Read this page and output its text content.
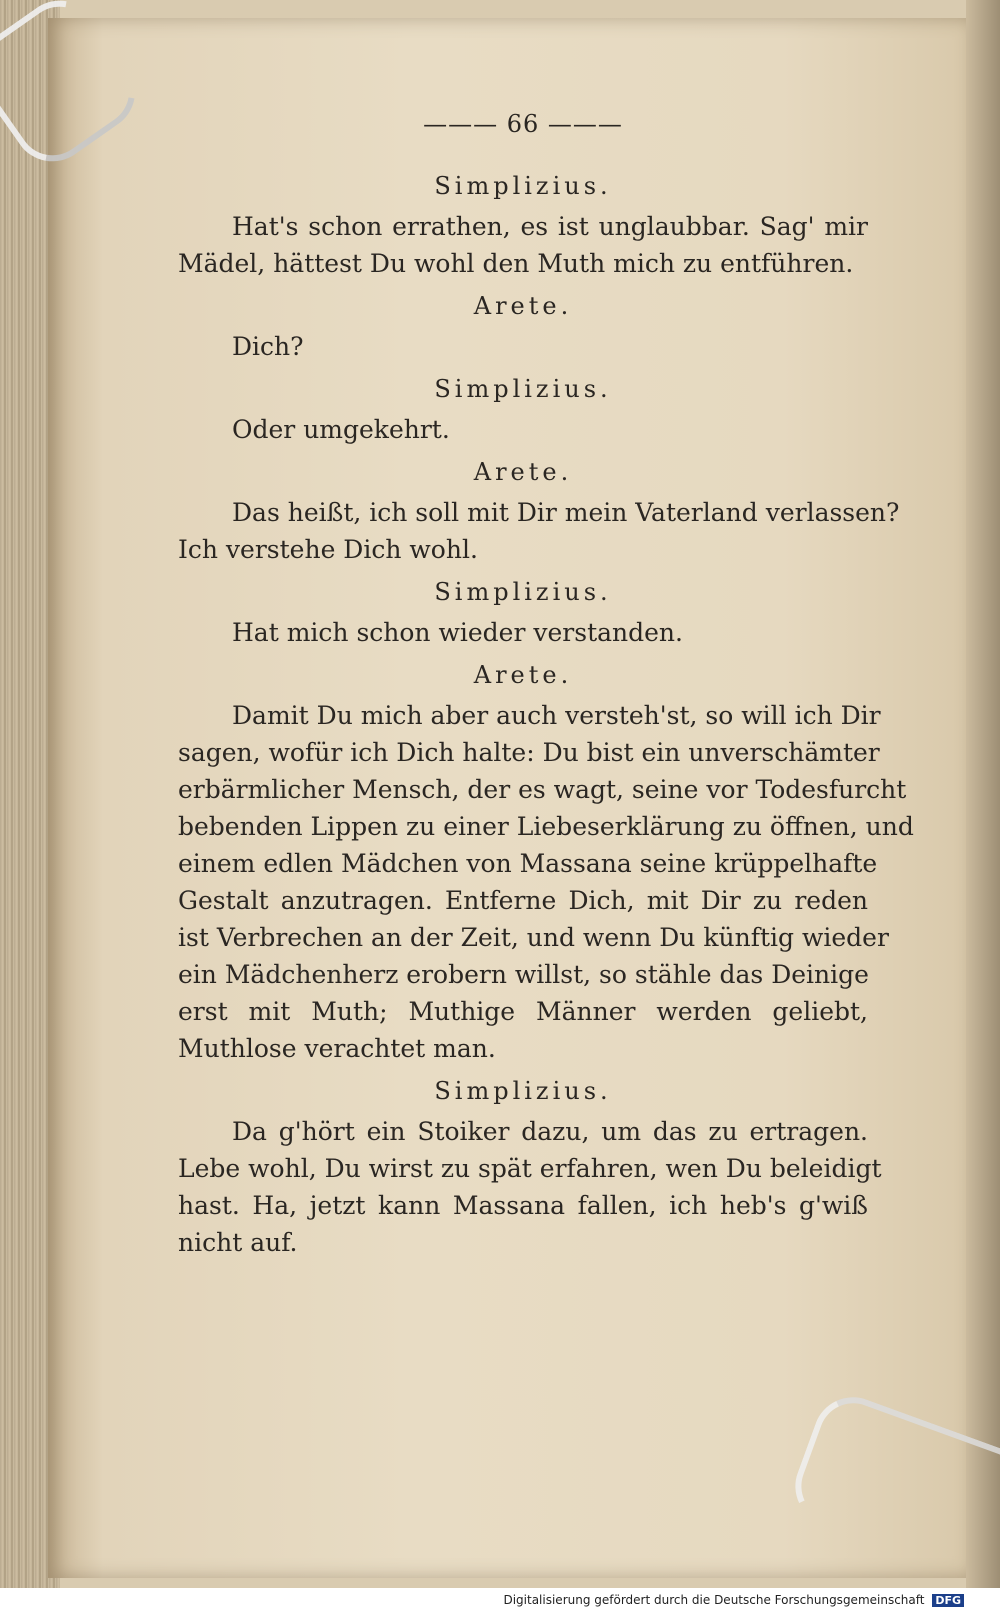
——— 66 ———
Simplizius.
Hat's schon errathen, es ist unglaubbar. Sag' mir
Mädel, hättest Du wohl den Muth mich zu entführen.
Arete.
Dich?
Simplizius.
Oder umgekehrt.
Arete.
Das heißt, ich soll mit Dir mein Vaterland verlassen?
Ich verstehe Dich wohl.
Simplizius.
Hat mich schon wieder verstanden.
Arete.
Damit Du mich aber auch versteh'st, so will ich Dir
sagen, wofür ich Dich halte: Du bist ein unverschämter
erbärmlicher Mensch, der es wagt, seine vor Todesfurcht
bebenden Lippen zu einer Liebeserklärung zu öffnen, und
einem edlen Mädchen von Massana seine krüppelhafte
Gestalt anzutragen. Entferne Dich, mit Dir zu reden
ist Verbrechen an der Zeit, und wenn Du künftig wieder
ein Mädchenherz erobern willst, so stähle das Deinige
erst mit Muth; Muthige Männer werden geliebt,
Muthlose verachtet man.
Simplizius.
Da g'hört ein Stoiker dazu, um das zu ertragen.
Lebe wohl, Du wirst zu spät erfahren, wen Du beleidigt
hast. Ha, jetzt kann Massana fallen, ich heb's g'wiß
nicht auf.
Digitalisierung gefördert durch die Deutsche Forschungsgemeinschaft DFG
